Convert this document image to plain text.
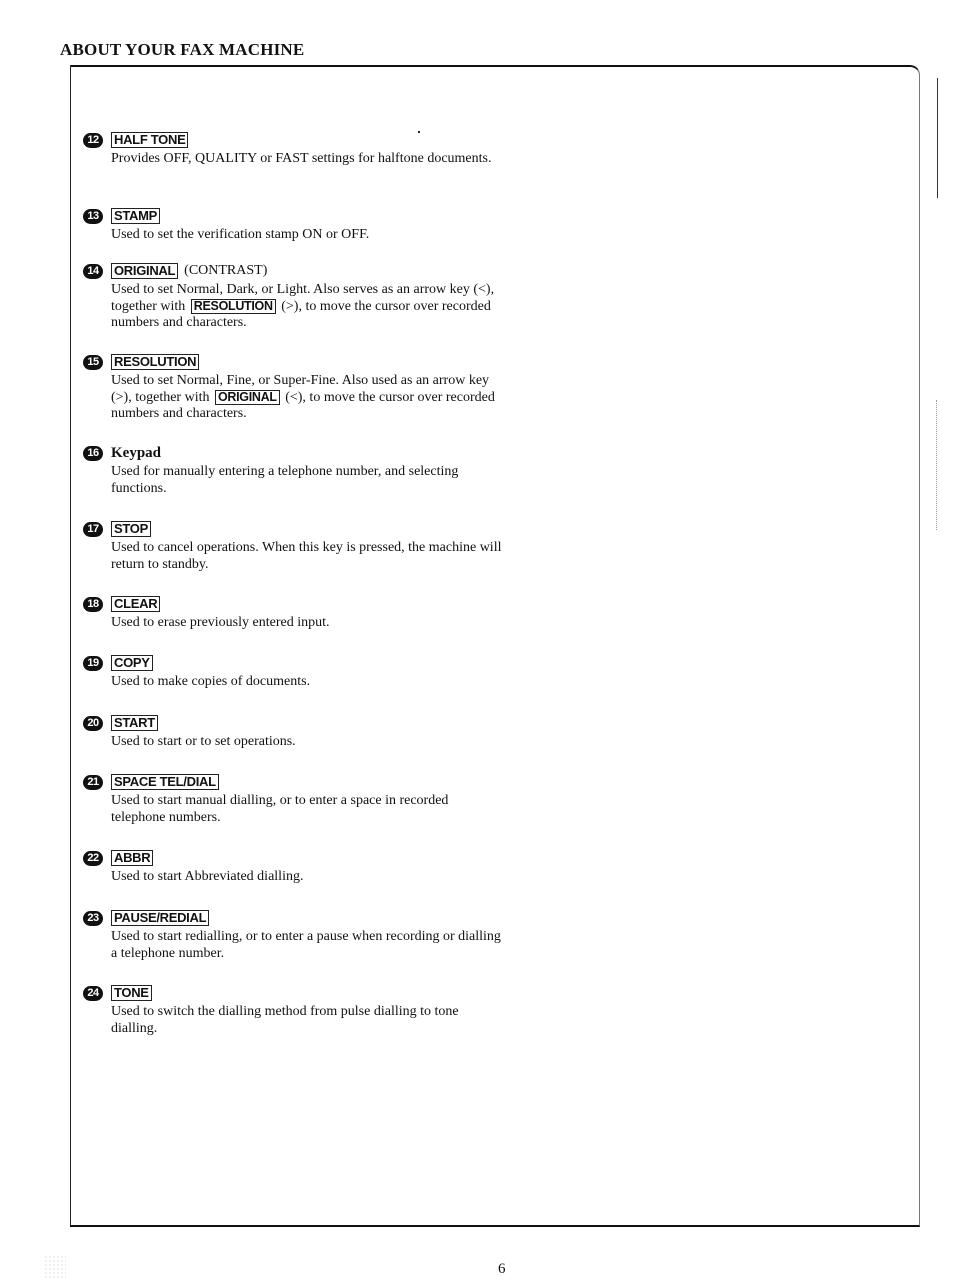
ABOUT YOUR FAX MACHINE
12	HALF TONE
Provides OFF, QUALITY or FAST settings for halftone documents.
13	STAMP
Used to set the verification stamp ON or OFF.
14	ORIGINAL (CONTRAST)
Used to set Normal, Dark, or Light. Also serves as an arrow key (<), together with RESOLUTION (>), to move the cursor over recorded numbers and characters.
15	RESOLUTION
Used to set Normal, Fine, or Super-Fine. Also used as an arrow key (>), together with ORIGINAL (<), to move the cursor over recorded numbers and characters.
16 Keypad
Used for manually entering a telephone number, and selecting functions.
17	STOP
Used to cancel operations. When this key is pressed, the machine will return to standby.
18	CLEAR
Used to erase previously entered input.
19	COPY
Used to make copies of documents.
20	START
Used to start or to set operations.
21	SPACE TEL/DIAL
Used to start manual dialling, or to enter a space in recorded telephone numbers.
22	ABBR
Used to start Abbreviated dialling.
23	PAUSE/REDIAL
Used to start redialling, or to enter a pause when recording or dialling a telephone number.
24	TONE
Used to switch the dialling method from pulse dialling to tone dialling.
6
